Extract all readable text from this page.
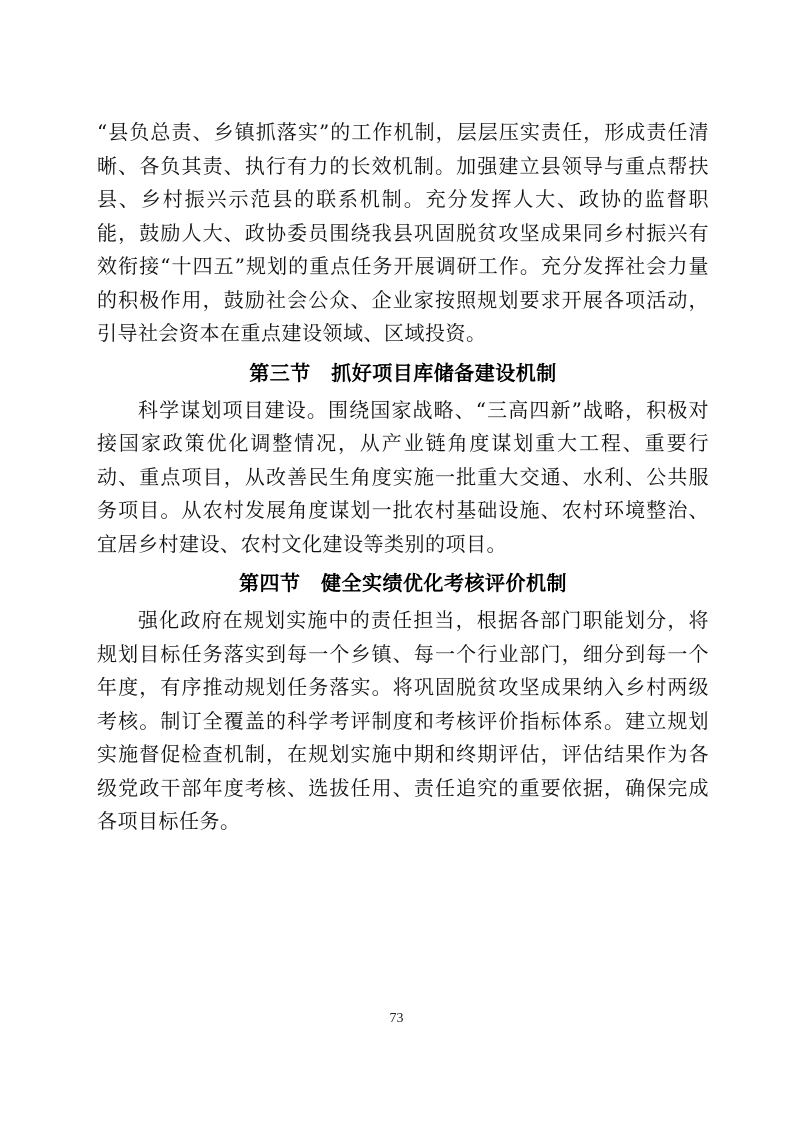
“县负总责、乡镇抓落实”的工作机制，层层压实责任，形成责任清晰、各负其责、执行有力的长效机制。加强建立县领导与重点帮扶县、乡村振兴示范县的联系机制。充分发挥人大、政协的监督职能，鼓励人大、政协委员围绕我县巩固脱贫攻坚成果同乡村振兴有效衔接“十四五”规划的重点任务开展调研工作。充分发挥社会力量的积极作用，鼓励社会公众、企业家按照规划要求开展各项活动，引导社会资本在重点建设领域、区域投资。

第三节　抓好项目库储备建设机制

科学谋划项目建设。围绕国家战略、“三高四新”战略，积极对接国家政策优化调整情况，从产业链角度谋划重大工程、重要行动、重点项目，从改善民生角度实施一批重大交通、水利、公共服务项目。从农村发展角度谋划一批农村基础设施、农村环境整治、宜居乡村建设、农村文化建设等类别的项目。

第四节　健全实绩优化考核评价机制

强化政府在规划实施中的责任担当，根据各部门职能划分，将规划目标任务落实到每一个乡镇、每一个行业部门，细分到每一个年度，有序推动规划任务落实。将巩固脱贫攻坚成果纳入乡村两级考核。制订全覆盖的科学考评制度和考核评价指标体系。建立规划实施督促检查机制，在规划实施中期和终期评估，评估结果作为各级党政干部年度考核、选拔任用、责任追究的重要依据，确保完成各项目标任务。

73
